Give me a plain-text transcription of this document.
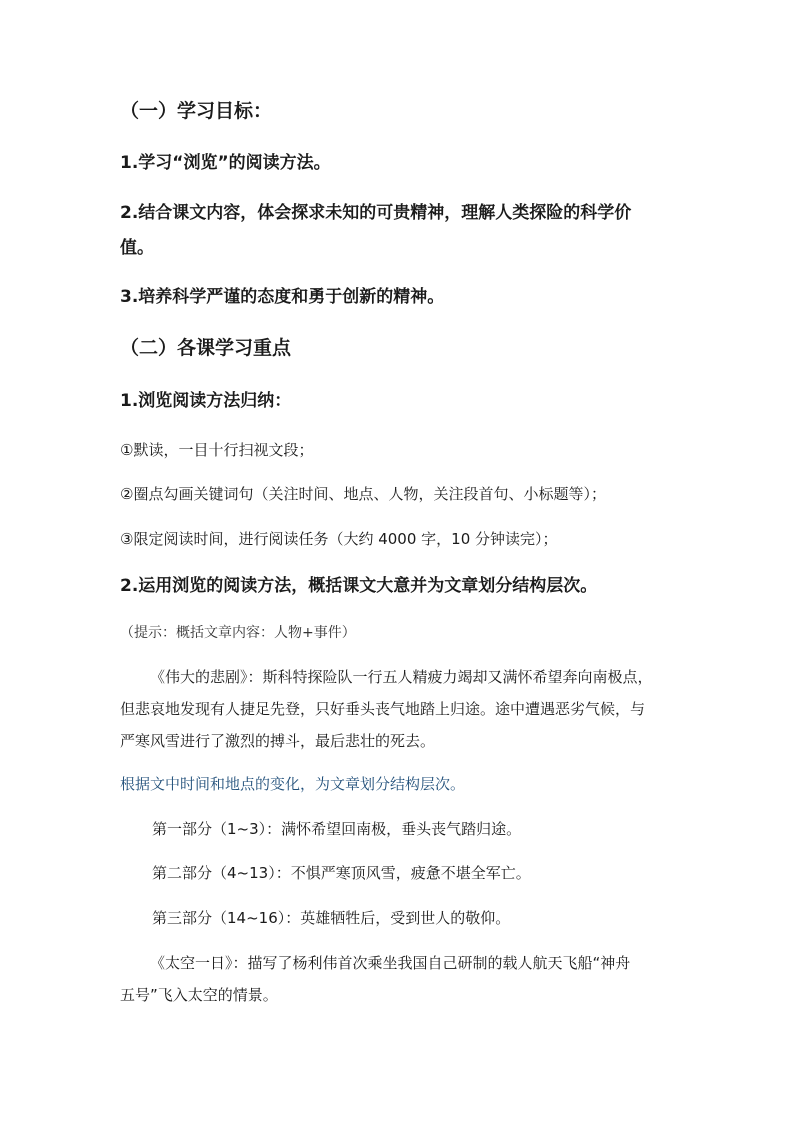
（一）学习目标：
1.学习“浏览”的阅读方法。
2.结合课文内容，体会探求未知的可贵精神，理解人类探险的科学价
值。
3.培养科学严谨的态度和勇于创新的精神。
（二）各课学习重点
1.浏览阅读方法归纳：
①默读，一目十行扫视文段；
②圈点勾画关键词句（关注时间、地点、人物，关注段首句、小标题等）；
③限定阅读时间，进行阅读任务（大约 4000 字，10 分钟读完）；
2.运用浏览的阅读方法，概括课文大意并为文章划分结构层次。
（提示：概括文章内容：人物+事件）
《伟大的悲剧》：斯科特探险队一行五人精疲力竭却又满怀希望奔向南极点，
但悲哀地发现有人捷足先登，只好垂头丧气地踏上归途。途中遭遇恶劣气候，与
严寒风雪进行了激烈的搏斗，最后悲壮的死去。
根据文中时间和地点的变化，为文章划分结构层次。
第一部分（1~3）：满怀希望回南极，垂头丧气踏归途。
第二部分（4~13）：不惧严寒顶风雪，疲惫不堪全军亡。
第三部分（14~16）：英雄牺牲后，受到世人的敬仰。
《太空一日》：描写了杨利伟首次乘坐我国自己研制的载人航天飞船“神舟
五号”飞入太空的情景。
